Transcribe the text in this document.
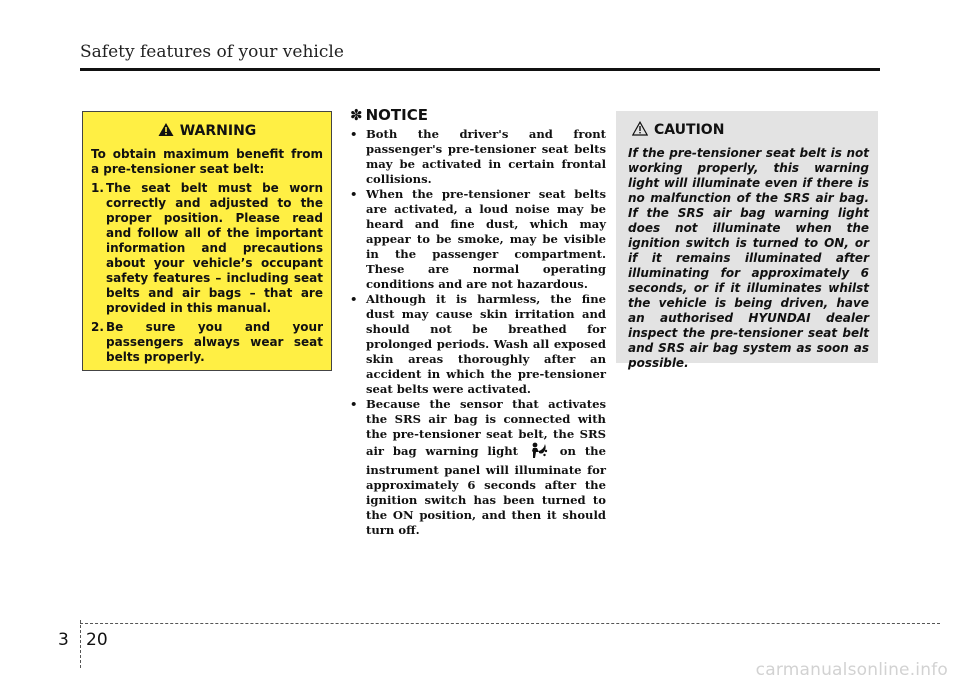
Safety features of your vehicle
WARNING

To obtain maximum benefit from a pre-tensioner seat belt:

1. The seat belt must be worn correctly and adjusted to the proper position. Please read and follow all of the important information and precautions about your vehicle’s occupant safety features – including seat belts and air bags – that are provided in this manual.
2. Be sure you and your passengers always wear seat belts properly.
✽ NOTICE
• Both the driver's and front passenger's pre-tensioner seat belts may be activated in certain frontal collisions.
• When the pre-tensioner seat belts are activated, a loud noise may be heard and fine dust, which may appear to be smoke, may be visible in the passenger compartment. These are normal operating conditions and are not hazardous.
• Although it is harmless, the fine dust may cause skin irritation and should not be breathed for prolonged periods. Wash all exposed skin areas thoroughly after an accident in which the pre-tensioner seat belts were activated.
• Because the sensor that activates the SRS air bag is connected with the pre-tensioner seat belt, the SRS air bag warning light	on the instrument panel will illuminate for approximately 6 seconds after the ignition switch has been turned to the ON position, and then it should turn off.
CAUTION

If the pre-tensioner seat belt is not working properly, this warning light will illuminate even if there is no malfunction of the SRS air bag. If the SRS air bag warning light does not illuminate when the ignition switch is turned to ON, or if it remains illuminated after illuminating for approximately 6 seconds, or if it illuminates whilst the vehicle is being driven, have an authorised HYUNDAI dealer inspect the pre-tensioner seat belt and SRS air bag system as soon as possible.

3 20
carmanualsonline.info
